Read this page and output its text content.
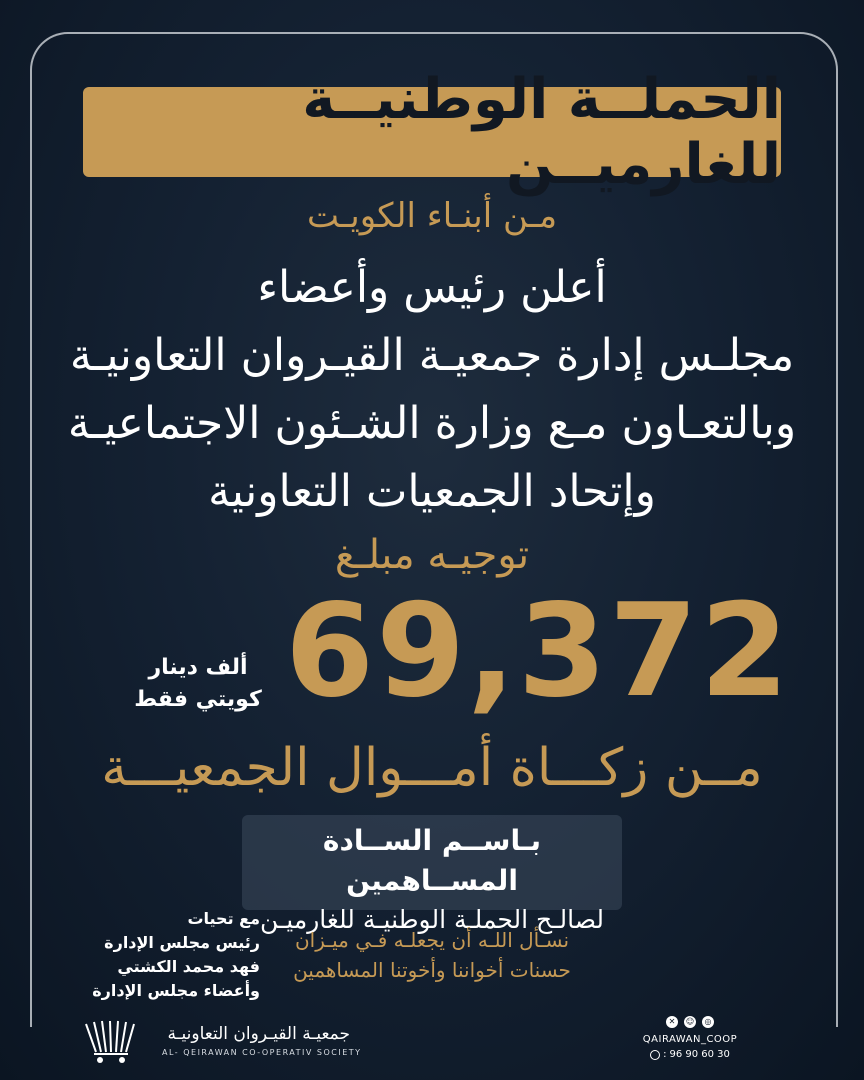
الحملــة الوطنيــة للغارميــن
مـن أبنـاء الكويـت
أعلن رئيس وأعضاء
مجلـس إدارة جمعيـة القيـروان التعاونيـة
وبالتعـاون مـع وزارة الشـئون الاجتماعيـة
وإتحاد الجمعيات التعاونية
توجيـه مبلـغ
69,372
ألف دينار
كويتي فقط
مــن زكـــاة أمـــوال الجمعيـــة
بـاســم الســادة المســاهمين
لصالـح الحملـة الوطنيـة للغارميـن
نسـأل اللـه أن يجعلـه فـي ميـزان
حسنات أخواننا وأخوتنا المساهمين
مع تحيات
رئيس مجلس الإدارة
فهد محمد الكشتي
وأعضاء مجلس الإدارة
جمعيـة القيـروان التعاونيـة
AL- QEIRAWAN CO-OPERATIV SOCIETY
✕	☺	◎
QAIRAWAN_COOP
: 96 90 60 30
